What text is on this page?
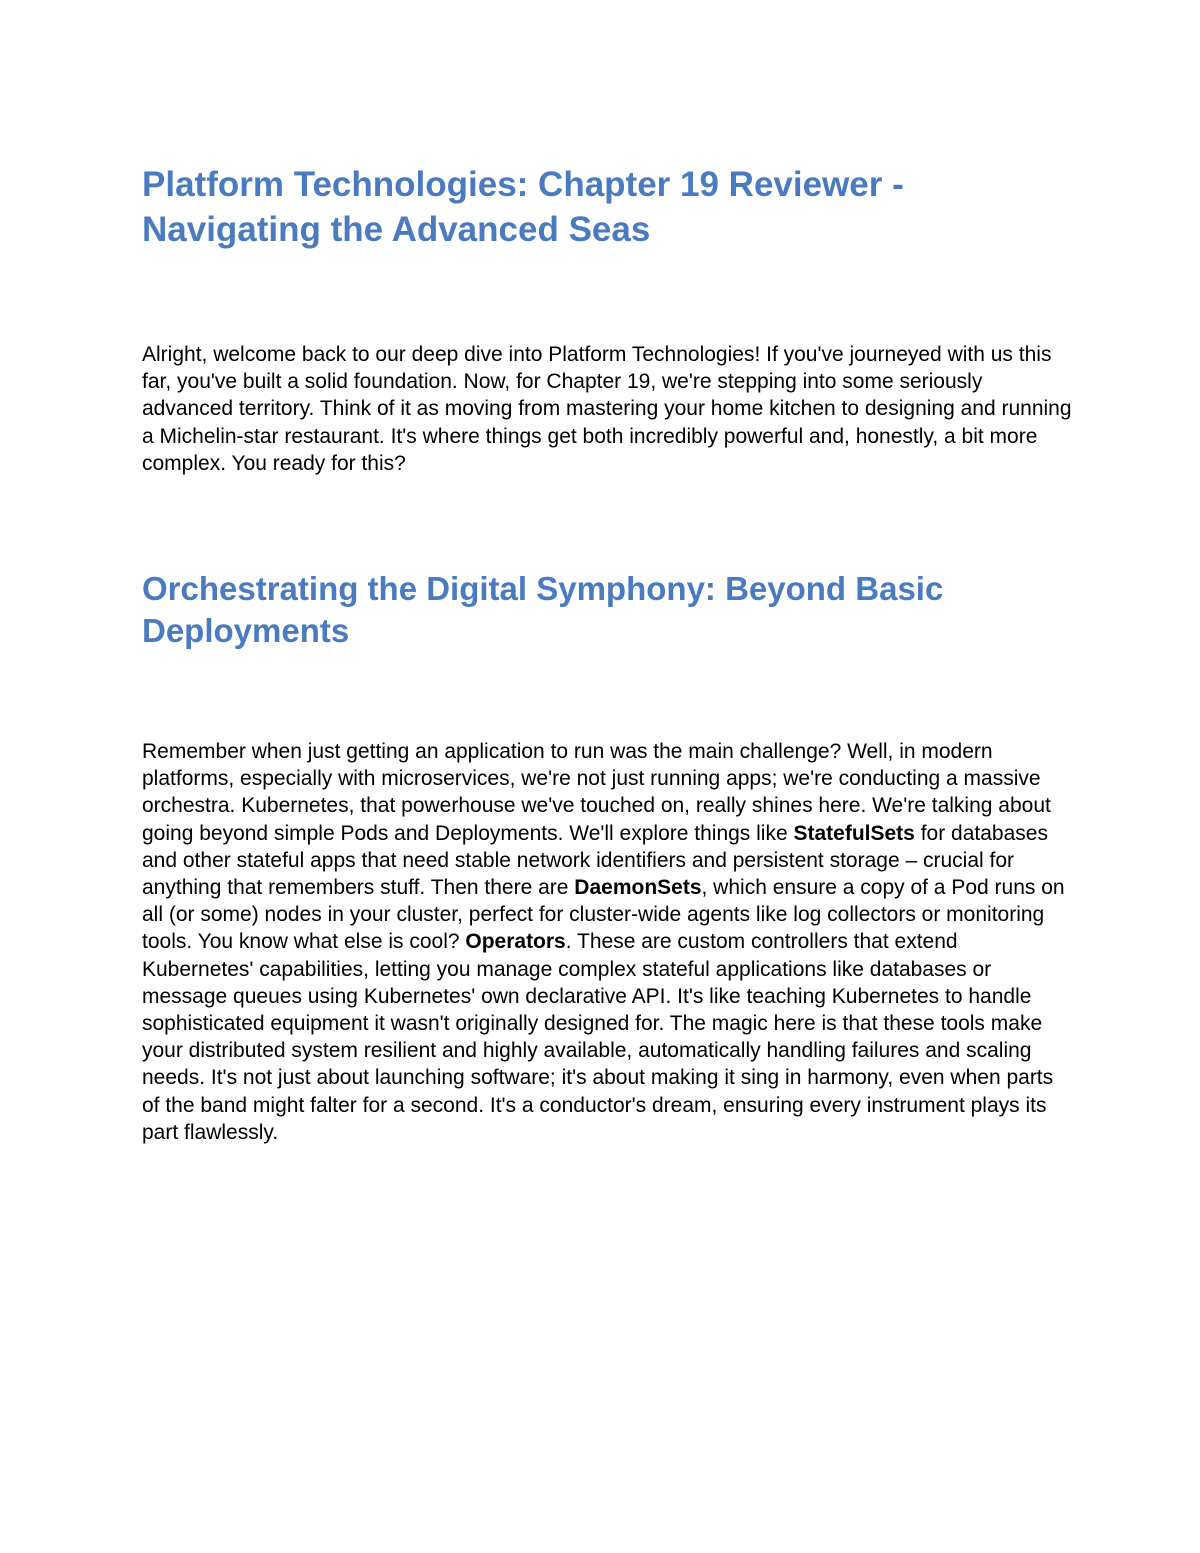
Platform Technologies: Chapter 19 Reviewer - Navigating the Advanced Seas

Alright, welcome back to our deep dive into Platform Technologies! If you've journeyed with us this far, you've built a solid foundation. Now, for Chapter 19, we're stepping into some seriously advanced territory. Think of it as moving from mastering your home kitchen to designing and running a Michelin-star restaurant. It's where things get both incredibly powerful and, honestly, a bit more complex. You ready for this?

Orchestrating the Digital Symphony: Beyond Basic Deployments

Remember when just getting an application to run was the main challenge? Well, in modern platforms, especially with microservices, we're not just running apps; we're conducting a massive orchestra. Kubernetes, that powerhouse we've touched on, really shines here. We're talking about going beyond simple Pods and Deployments. We'll explore things like StatefulSets for databases and other stateful apps that need stable network identifiers and persistent storage – crucial for anything that remembers stuff. Then there are DaemonSets, which ensure a copy of a Pod runs on all (or some) nodes in your cluster, perfect for cluster-wide agents like log collectors or monitoring tools. You know what else is cool? Operators. These are custom controllers that extend Kubernetes' capabilities, letting you manage complex stateful applications like databases or message queues using Kubernetes' own declarative API. It's like teaching Kubernetes to handle sophisticated equipment it wasn't originally designed for. The magic here is that these tools make your distributed system resilient and highly available, automatically handling failures and scaling needs. It's not just about launching software; it's about making it sing in harmony, even when parts of the band might falter for a second. It's a conductor's dream, ensuring every instrument plays its part flawlessly.
